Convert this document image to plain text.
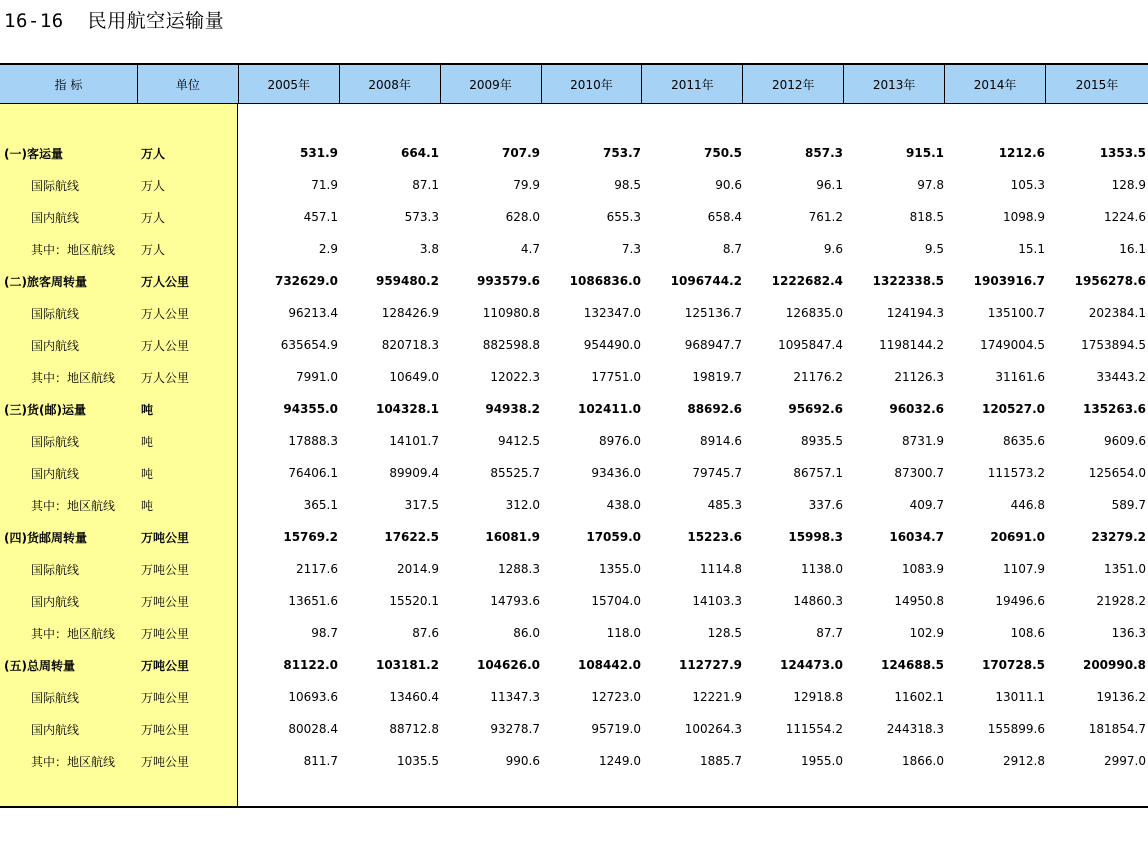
16-16  民用航空运输量
指 标	单位	2005年	2008年	2009年	2010年	2011年	2012年	2013年	2014年	2015年
(一)客运量	万人	531.9	664.1	707.9	753.7	750.5	857.3	915.1	1212.6	1353.5
国际航线	万人	71.9	87.1	79.9	98.5	90.6	96.1	97.8	105.3	128.9
国内航线	万人	457.1	573.3	628.0	655.3	658.4	761.2	818.5	1098.9	1224.6
其中：地区航线	万人	2.9	3.8	4.7	7.3	8.7	9.6	9.5	15.1	16.1
(二)旅客周转量	万人公里	732629.0	959480.2	993579.6	1086836.0	1096744.2	1222682.4	1322338.5	1903916.7	1956278.6
国际航线	万人公里	96213.4	128426.9	110980.8	132347.0	125136.7	126835.0	124194.3	135100.7	202384.1
国内航线	万人公里	635654.9	820718.3	882598.8	954490.0	968947.7	1095847.4	1198144.2	1749004.5	1753894.5
其中：地区航线	万人公里	7991.0	10649.0	12022.3	17751.0	19819.7	21176.2	21126.3	31161.6	33443.2
(三)货(邮)运量	吨	94355.0	104328.1	94938.2	102411.0	88692.6	95692.6	96032.6	120527.0	135263.6
国际航线	吨	17888.3	14101.7	9412.5	8976.0	8914.6	8935.5	8731.9	8635.6	9609.6
国内航线	吨	76406.1	89909.4	85525.7	93436.0	79745.7	86757.1	87300.7	111573.2	125654.0
其中：地区航线	吨	365.1	317.5	312.0	438.0	485.3	337.6	409.7	446.8	589.7
(四)货邮周转量	万吨公里	15769.2	17622.5	16081.9	17059.0	15223.6	15998.3	16034.7	20691.0	23279.2
国际航线	万吨公里	2117.6	2014.9	1288.3	1355.0	1114.8	1138.0	1083.9	1107.9	1351.0
国内航线	万吨公里	13651.6	15520.1	14793.6	15704.0	14103.3	14860.3	14950.8	19496.6	21928.2
其中：地区航线	万吨公里	98.7	87.6	86.0	118.0	128.5	87.7	102.9	108.6	136.3
(五)总周转量	万吨公里	81122.0	103181.2	104626.0	108442.0	112727.9	124473.0	124688.5	170728.5	200990.8
国际航线	万吨公里	10693.6	13460.4	11347.3	12723.0	12221.9	12918.8	11602.1	13011.1	19136.2
国内航线	万吨公里	80028.4	88712.8	93278.7	95719.0	100264.3	111554.2	244318.3	155899.6	181854.7
其中：地区航线	万吨公里	811.7	1035.5	990.6	1249.0	1885.7	1955.0	1866.0	2912.8	2997.0
